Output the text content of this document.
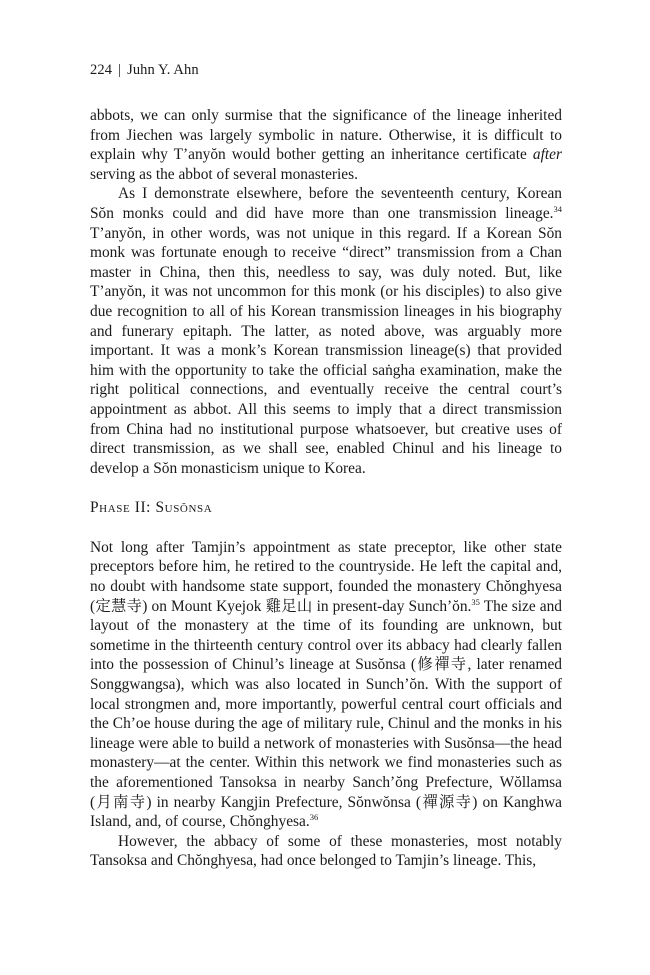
224 | Juhn Y. Ahn

abbots, we can only surmise that the significance of the lineage inherited from Jiechen was largely symbolic in nature. Otherwise, it is difficult to explain why T’anyŏn would bother getting an inheritance certificate after serving as the abbot of several monasteries.

As I demonstrate elsewhere, before the seventeenth century, Korean Sŏn monks could and did have more than one transmission lineage.$^{34}$ T’anyŏn, in other words, was not unique in this regard. If a Korean Sŏn monk was fortunate enough to receive “direct” transmission from a Chan master in China, then this, needless to say, was duly noted. But, like T’anyŏn, it was not uncommon for this monk (or his disciples) to also give due recognition to all of his Korean transmission lineages in his biography and funerary epitaph. The latter, as noted above, was arguably more important. It was a monk’s Korean transmission lineage(s) that provided him with the opportunity to take the official saṅgha examination, make the right political connections, and eventually receive the central court’s appointment as abbot. All this seems to imply that a direct transmission from China had no institutional purpose whatsoever, but creative uses of direct transmission, as we shall see, enabled Chinul and his lineage to develop a Sŏn monasticism unique to Korea.

Phase II: Susŏnsa

Not long after Tamjin’s appointment as state preceptor, like other state preceptors before him, he retired to the countryside. He left the capital and, no doubt with handsome state support, founded the monastery Chŏnghyesa (定慧寺) on Mount Kyejok 雞足山 in present-day Sunch’ŏn.$^{35}$ The size and layout of the monastery at the time of its founding are unknown, but sometime in the thirteenth century control over its abbacy had clearly fallen into the possession of Chinul’s lineage at Susŏnsa (修禪寺, later renamed Songgwangsa), which was also located in Sunch’ŏn. With the support of local strongmen and, more importantly, powerful central court officials and the Ch’oe house during the age of military rule, Chinul and the monks in his lineage were able to build a network of monasteries with Susŏnsa—the head monastery—at the center. Within this network we find monasteries such as the aforementioned Tansoksa in nearby Sanch’ŏng Prefecture, Wŏllamsa (月南寺) in nearby Kangjin Prefecture, Sŏnwŏnsa (禪源寺) on Kanghwa Island, and, of course, Chŏnghyesa.$^{36}$

However, the abbacy of some of these monasteries, most notably Tansoksa and Chŏnghyesa, had once belonged to Tamjin’s lineage. This,
